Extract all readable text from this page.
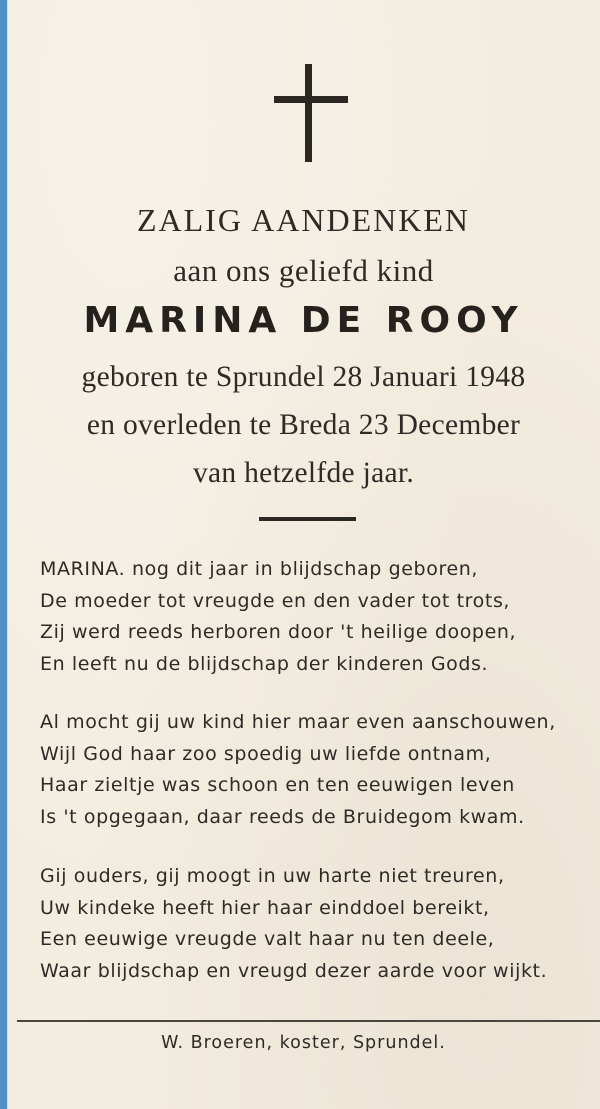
ZALIG AANDENKEN
aan ons geliefd kind
MARINA DE ROOY
geboren te Sprundel 28 Januari 1948
en overleden te Breda 23 December
van hetzelfde jaar.
MARINA. nog dit jaar in blijdschap geboren,
De moeder tot vreugde en den vader tot trots,
Zij werd reeds herboren door 't heilige doopen,
En leeft nu de blijdschap der kinderen Gods.
Al mocht gij uw kind hier maar even aanschouwen,
Wijl God haar zoo spoedig uw liefde ontnam,
Haar zieltje was schoon en ten eeuwigen leven
Is 't opgegaan, daar reeds de Bruidegom kwam.
Gij ouders, gij moogt in uw harte niet treuren,
Uw kindeke heeft hier haar einddoel bereikt,
Een eeuwige vreugde valt haar nu ten deele,
Waar blijdschap en vreugd dezer aarde voor wijkt.
W. Broeren, koster, Sprundel.
